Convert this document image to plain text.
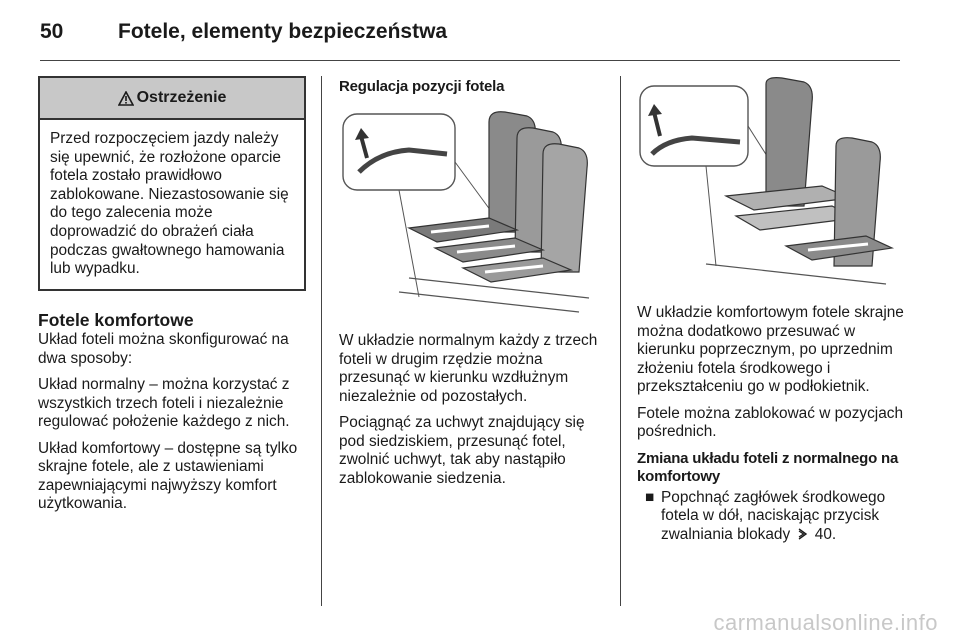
50	Fotele, elementy bezpieczeństwa
Ostrzeżenie
Przed rozpoczęciem jazdy należy się upewnić, że rozłożone oparcie fotela zostało prawidłowo zablokowane. Niezastosowanie się do tego zalecenia może doprowadzić do obrażeń ciała podczas gwałtownego hamowania lub wypadku.
Fotele komfortowe

Układ foteli można skonfigurować na dwa sposoby:

Układ normalny – można korzystać z wszystkich trzech foteli i niezależnie regulować położenie każdego z nich.

Układ komfortowy – dostępne są tylko skrajne fotele, ale z ustawieniami zapewniającymi najwyższy komfort użytkowania.

Regulacja pozycji fotela

W układzie normalnym każdy z trzech foteli w drugim rzędzie można przesunąć w kierunku wzdłużnym niezależnie od pozostałych.

Pociągnąć za uchwyt znajdujący się pod siedziskiem, przesunąć fotel, zwolnić uchwyt, tak aby nastąpiło zablokowanie siedzenia.

W układzie komfortowym fotele skrajne można dodatkowo przesuwać w kierunku poprzecznym, po uprzednim złożeniu fotela środkowego i przekształceniu go w podłokietnik.

Fotele można zablokować w pozycjach pośrednich.

Zmiana układu foteli z normalnego na komfortowy
■ Popchnąć zagłówek środkowego fotela w dół, naciskając przycisk zwalniania blokady 40.
carmanualsonline.info
